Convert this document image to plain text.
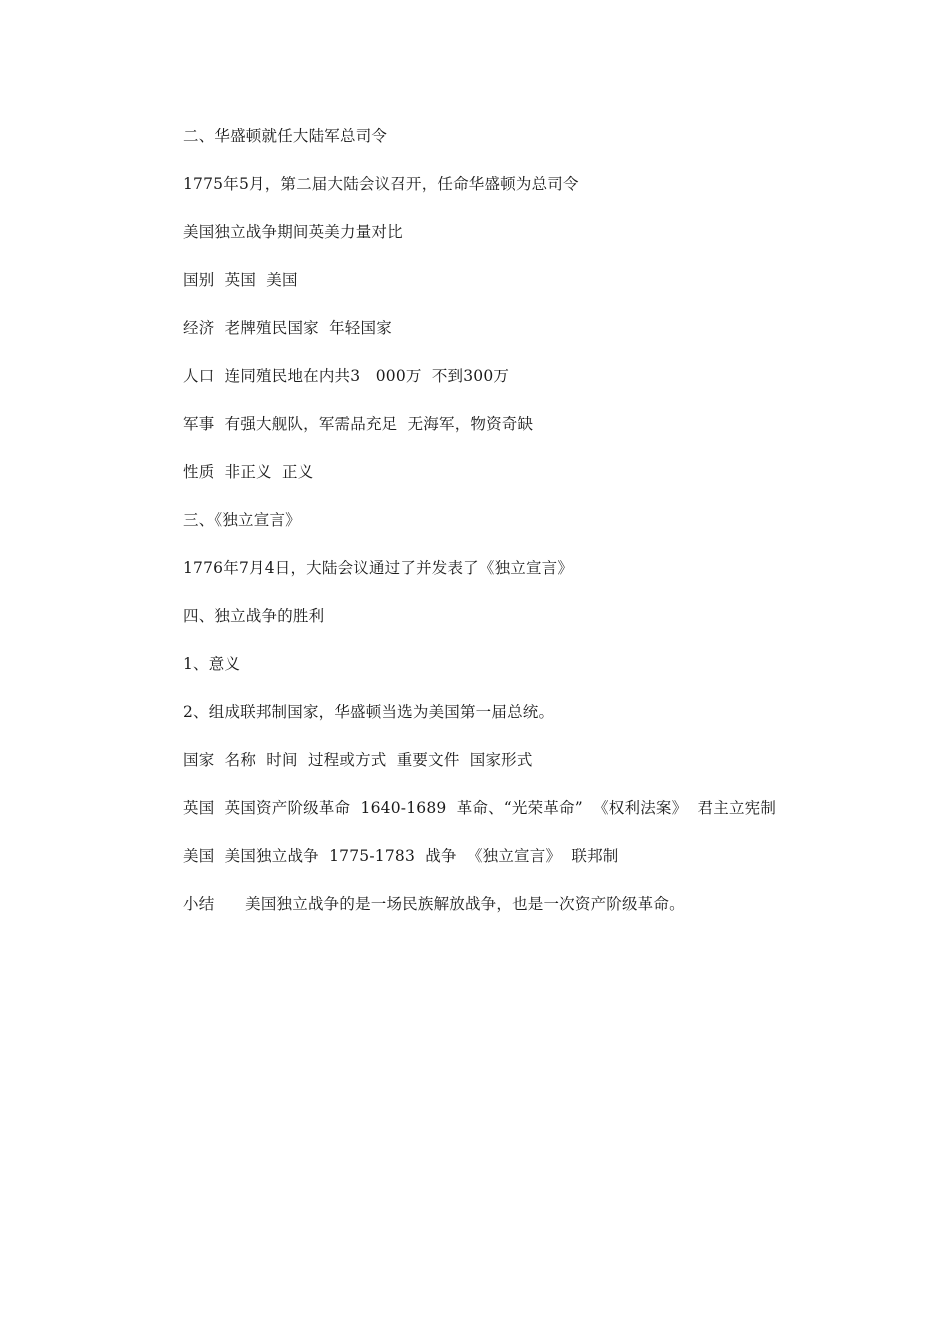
二、华盛顿就任大陆军总司令
1775年5月，第二届大陆会议召开，任命华盛顿为总司令
美国独立战争期间英美力量对比
国别  英国  美国
经济  老牌殖民国家  年轻国家
人口  连同殖民地在内共3   000万  不到300万
军事  有强大舰队，军需品充足  无海军，物资奇缺
性质  非正义  正义
三、《独立宣言》
1776年7月4日，大陆会议通过了并发表了《独立宣言》
四、独立战争的胜利
1、意义
2、组成联邦制国家，华盛顿当选为美国第一届总统。
国家  名称  时间  过程或方式  重要文件  国家形式
英国  英国资产阶级革命  1640-1689  革命、“光荣革命”  《权利法案》  君主立宪制
美国  美国独立战争  1775-1783  战争  《独立宣言》  联邦制
小结      美国独立战争的是一场民族解放战争，也是一次资产阶级革命。
